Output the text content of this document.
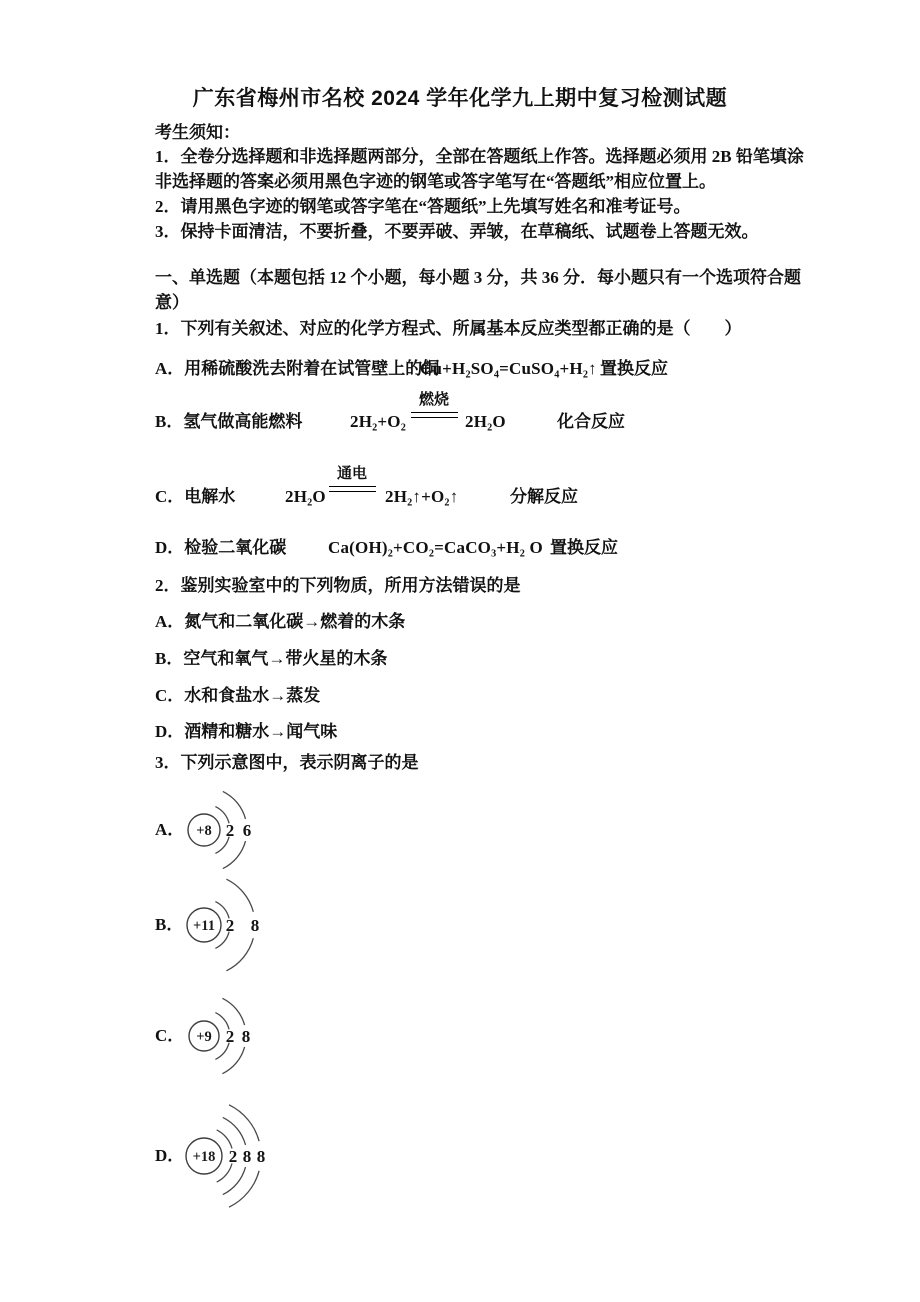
广东省梅州市名校 2024 学年化学九上期中复习检测试题
考生须知：
1．全卷分选择题和非选择题两部分，全部在答题纸上作答。选择题必须用 2B 铅笔填涂
非选择题的答案必须用黑色字迹的钢笔或答字笔写在“答题纸”相应位置上。
2．请用黑色字迹的钢笔或答字笔在“答题纸”上先填写姓名和准考证号。
3．保持卡面清洁，不要折叠，不要弄破、弄皱，在草稿纸、试题卷上答题无效。
一、单选题（本题包括 12 个小题，每小题 3 分，共 36 分．每小题只有一个选项符合题
意）
1．下列有关叙述、对应的化学方程式、所属基本反应类型都正确的是（　　）
A．用稀硫酸洗去附着在试管壁上的铜
Cu+H₂SO₄=CuSO₄+H₂↑ 置换反应
B．氢气做高能燃料	2H₂+O₂
燃烧
2H₂O	化合反应
C．电解水	2H₂O
通电
2H₂↑+O₂↑	分解反应
D．检验二氧化碳 Ca(OH)₂+CO₂=CaCO₃+H₂ O 置换反应
2．鉴别实验室中的下列物质，所用方法错误的是
A．氮气和二氧化碳→燃着的木条
B．空气和氧气→带火星的木条
C．水和食盐水→蒸发
D．酒精和糖水→闻气味
3．下列示意图中，表示阴离子的是
A．
B．
C．
D．
+8 2 6
+11 2 8
+9 2 8
+18 2 8 8
